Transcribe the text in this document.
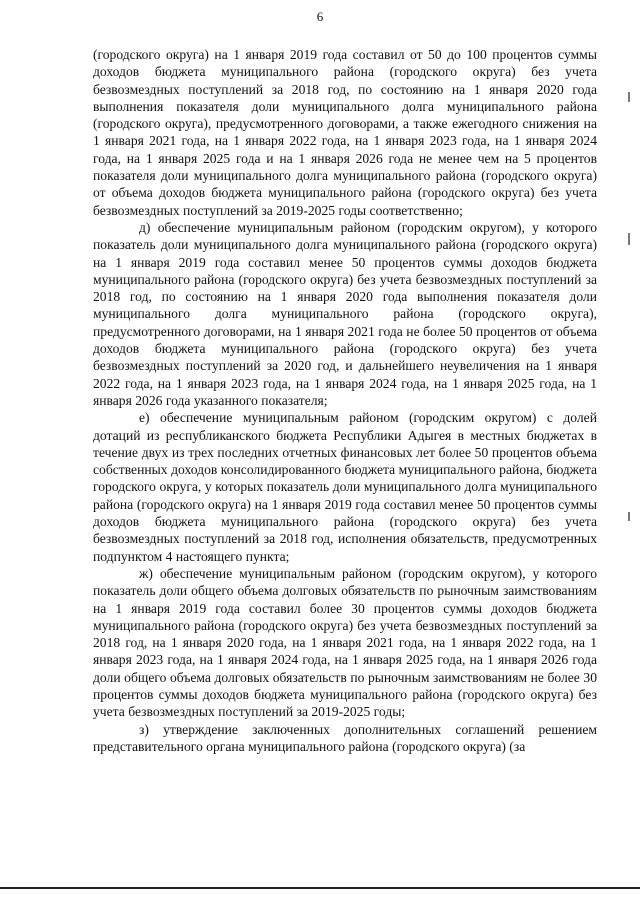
6

(городского округа) на 1 января 2019 года составил от 50 до 100 процентов суммы доходов бюджета муниципального района (городского округа) без учета безвозмездных поступлений за 2018 год, по состоянию на 1 января 2020 года выполнения показателя доли муниципального долга муниципального района (городского округа), предусмотренного договорами, а также ежегодного снижения на 1 января 2021 года, на 1 января 2022 года, на 1 января 2023 года, на 1 января 2024 года, на 1 января 2025 года и на 1 января 2026 года не менее чем на 5 процентов показателя доли муниципального долга муниципального района (городского округа) от объема доходов бюджета муниципального района (городского округа) без учета безвозмездных поступлений за 2019-2025 годы соответственно;

д) обеспечение муниципальным районом (городским округом), у которого показатель доли муниципального долга муниципального района (городского округа) на 1 января 2019 года составил менее 50 процентов суммы доходов бюджета муниципального района (городского округа) без учета безвозмездных поступлений за 2018 год, по состоянию на 1 января 2020 года выполнения показателя доли муниципального долга муниципального района (городского округа), предусмотренного договорами, на 1 января 2021 года не более 50 процентов от объема доходов бюджета муниципального района (городского округа) без учета безвозмездных поступлений за 2020 год, и дальнейшего неувеличения на 1 января 2022 года, на 1 января 2023 года, на 1 января 2024 года, на 1 января 2025 года, на 1 января 2026 года указанного показателя;

е) обеспечение муниципальным районом (городским округом) с долей дотаций из республиканского бюджета Республики Адыгея в местных бюджетах в течение двух из трех последних отчетных финансовых лет более 50 процентов объема собственных доходов консолидированного бюджета муниципального района, бюджета городского округа, у которых показатель доли муниципального долга муниципального района (городского округа) на 1 января 2019 года составил менее 50 процентов суммы доходов бюджета муниципального района (городского округа) без учета безвозмездных поступлений за 2018 год, исполнения обязательств, предусмотренных подпунктом 4 настоящего пункта;

ж) обеспечение муниципальным районом (городским округом), у которого показатель доли общего объема долговых обязательств по рыночным заимствованиям на 1 января 2019 года составил более 30 процентов суммы доходов бюджета муниципального района (городского округа) без учета безвозмездных поступлений за 2018 год, на 1 января 2020 года, на 1 января 2021 года, на 1 января 2022 года, на 1 января 2023 года, на 1 января 2024 года, на 1 января 2025 года, на 1 января 2026 года доли общего объема долговых обязательств по рыночным заимствованиям не более 30 процентов суммы доходов бюджета муниципального района (городского округа) без учета безвозмездных поступлений за 2019-2025 годы;

з) утверждение заключенных дополнительных соглашений решением представительного органа муниципального района (городского округа) (за
